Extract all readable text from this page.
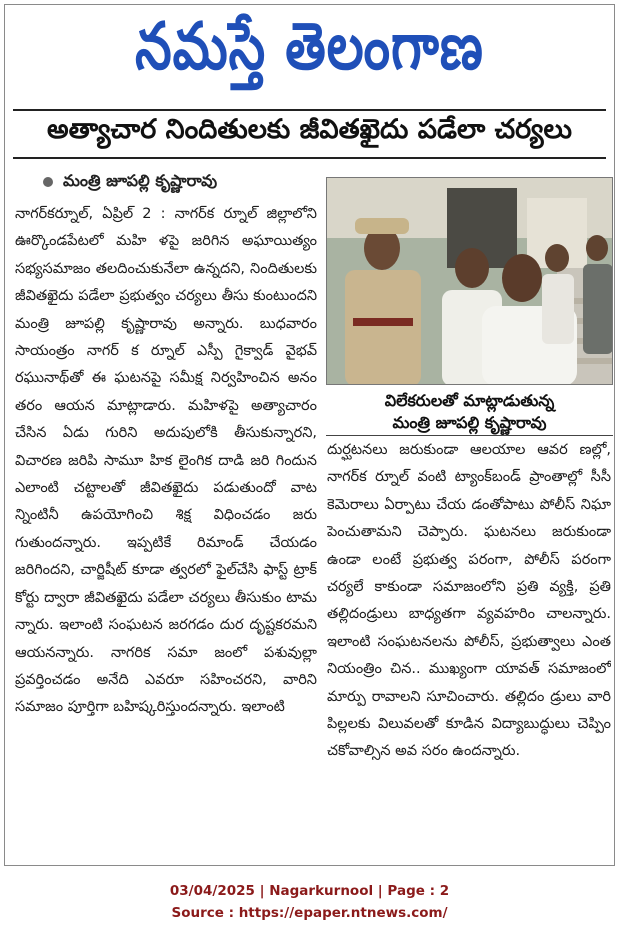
నమస్తే తెలంగాణ
అత్యాచార నిందితులకు జీవితఖైదు పడేలా చర్యలు
మంత్రి జూపల్లి కృష్ణారావు

నాగర్‌కర్నూల్, ఏప్రిల్ 2 : నాగర్‌క ర్నూల్ జిల్లాలోని ఊర్కొండపేటలో మహి ళపై జరిగిన అఘాయిత్యం సభ్యసమాజం తలదించుకునేలా ఉన్నదని, నిందితులకు జీవితఖైదు పడేలా ప్రభుత్వం చర్యలు తీసు కుంటుందని మంత్రి జూపల్లి కృష్ణారావు అన్నారు. బుధవారం సాయంత్రం నాగర్ క ర్నూల్ ఎస్పీ గైక్వాడ్ వైభవ్ రఘునాథ్‌తో ఈ ఘటనపై సమీక్ష నిర్వహించిన అనం తరం ఆయన మాట్లాడారు. మహిళపై అత్యాచారం చేసిన ఏడు గురిని అదుపులోకి తీసుకున్నారని, విచారణ జరిపి సామూ హిక లైంగిక దాడి జరి గిందున ఎలాంటి చట్టాలతో జీవితఖైదు పడుతుందో వాట న్నింటినీ ఉపయోగించి శిక్ష విధించడం జరు గుతుందన్నారు. ఇప్పటికే రిమాండ్ చేయడం జరిగిందని, చార్జిషీట్ కూడా త్వరలో ఫైల్‌చేసి ఫాస్ట్ ట్రాక్ కోర్టు ద్వారా జీవితఖైదు పడేలా చర్యలు తీసుకుం టామ న్నారు. ఇలాంటి సంఘటన జరగడం దుర దృష్టకరమని ఆయనన్నారు. నాగరిక సమా జంలో పశువుల్లా ప్రవర్తించడం అనేది ఎవరూ సహించరని, వారిని సమాజం పూర్తిగా బహిష్కరిస్తుందన్నారు. ఇలాంటి

విలేకరులతో మాట్లాడుతున్న
మంత్రి జూపల్లి కృష్ణారావు

దుర్ఘటనలు జరుకుండా ఆలయాల ఆవర ణల్లో, నాగర్‌క ర్నూల్ వంటి ట్యాంక్‌బండ్ ప్రాంతాల్లో సీసీ కెమెరాలు ఏర్పాటు చేయ డంతోపాటు పోలీస్ నిఘా పెంచుతామని చెప్పారు. ఘటనలు జరుకుండా ఉండా లంటే ప్రభుత్వ పరంగా, పోలీస్ పరంగా చర్యలే కాకుండా సమాజంలోని ప్రతి వ్యక్తి, ప్రతి తల్లిదండ్రులు బాధ్యతగా వ్యవహరిం చాలన్నారు. ఇలాంటి సంఘటనలను పోలీస్, ప్రభుత్వాలు ఎంత నియంత్రిం చిన.. ముఖ్యంగా యావత్ సమాజంలో మార్పు రావాలని సూచించారు. తల్లిదం డ్రులు వారి పిల్లలకు విలువలతో కూడిన విద్యాబుద్ధులు చెప్పిం చకోవాల్సిన అవ సరం ఉందన్నారు.

03/04/2025 | Nagarkurnool | Page : 2
Source : https://epaper.ntnews.com/
